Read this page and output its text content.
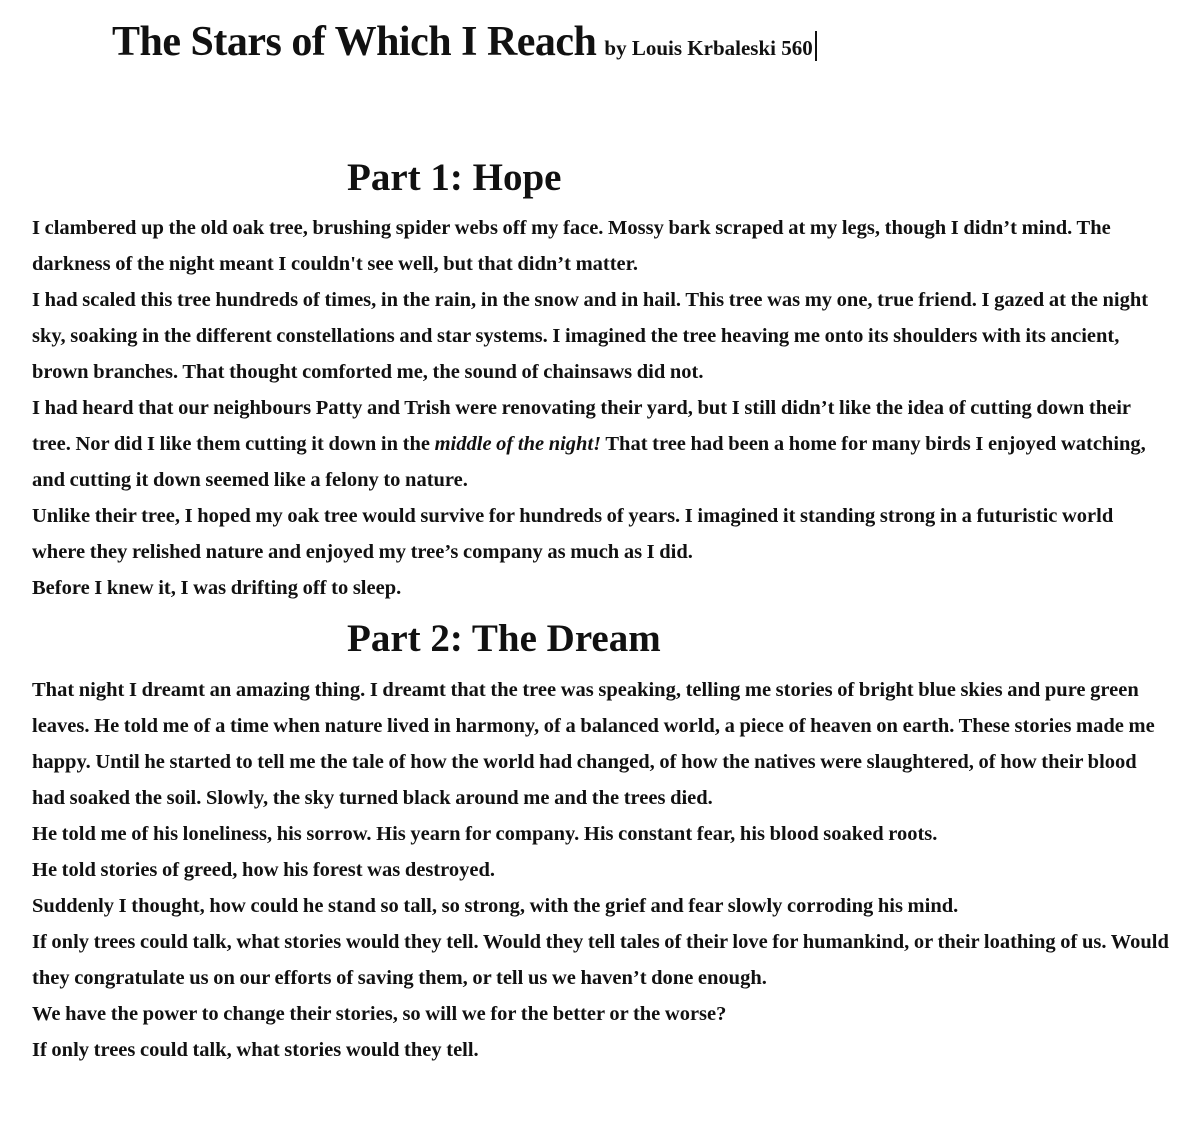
The Stars of Which I Reach by Louis Krbaleski 560
Part 1: Hope

I clambered up the old oak tree, brushing spider webs off my face. Mossy bark scraped at my legs, though I didn’t mind. The darkness of the night meant I couldn't see well, but that didn’t matter.

I had scaled this tree hundreds of times, in the rain, in the snow and in hail. This tree was my one, true friend. I gazed at the night sky, soaking in the different constellations and star systems. I imagined the tree heaving me onto its shoulders with its ancient, brown branches. That thought comforted me, the sound of chainsaws did not.

I had heard that our neighbours Patty and Trish were renovating their yard, but I still didn’t like the idea of cutting down their tree. Nor did I like them cutting it down in the middle of the night! That tree had been a home for many birds I enjoyed watching, and cutting it down seemed like a felony to nature.

Unlike their tree, I hoped my oak tree would survive for hundreds of years. I imagined it standing strong in a futuristic world where they relished nature and enjoyed my tree’s company as much as I did.

Before I knew it, I was drifting off to sleep.

Part 2: The Dream

That night I dreamt an amazing thing. I dreamt that the tree was speaking, telling me stories of bright blue skies and pure green leaves. He told me of a time when nature lived in harmony, of a balanced world, a piece of heaven on earth. These stories made me happy. Until he started to tell me the tale of how the world had changed, of how the natives were slaughtered, of how their blood had soaked the soil. Slowly, the sky turned black around me and the trees died.

He told me of his loneliness, his sorrow. His yearn for company. His constant fear, his blood soaked roots.

He told stories of greed, how his forest was destroyed.

Suddenly I thought, how could he stand so tall, so strong, with the grief and fear slowly corroding his mind.

If only trees could talk, what stories would they tell. Would they tell tales of their love for humankind, or their loathing of us. Would they congratulate us on our efforts of saving them, or tell us we haven’t done enough.

We have the power to change their stories, so will we for the better or the worse?

If only trees could talk, what stories would they tell.
